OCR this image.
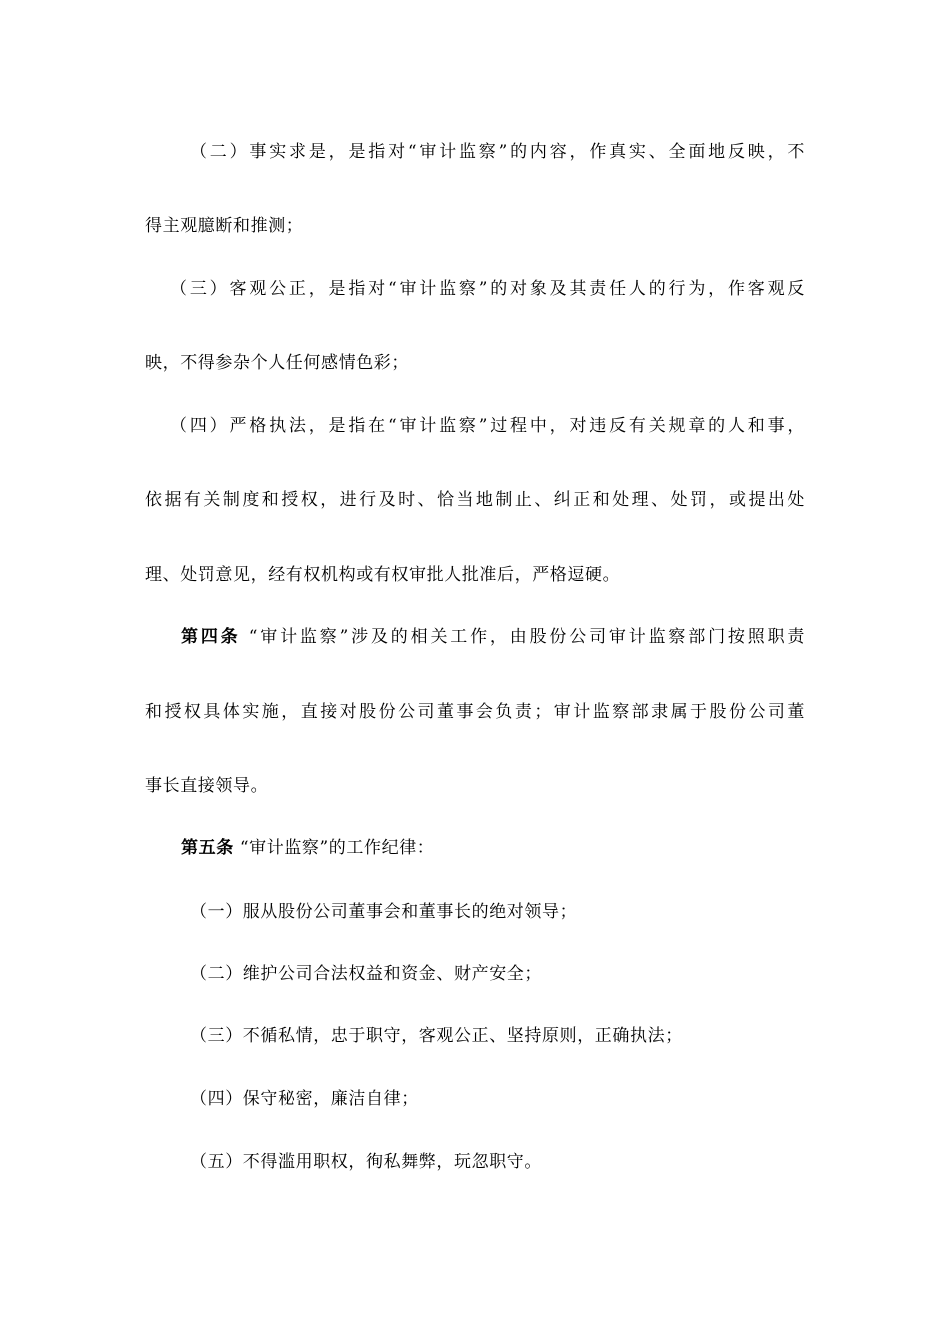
（二）事实求是，是指对“审计监察”的内容，作真实、全面地反映，不
得主观臆断和推测；
（三）客观公正，是指对“审计监察”的对象及其责任人的行为，作客观反
映，不得参杂个人任何感情色彩；
（四）严格执法，是指在“审计监察”过程中，对违反有关规章的人和事，
依据有关制度和授权，进行及时、恰当地制止、纠正和处理、处罚，或提出处
理、处罚意见，经有权机构或有权审批人批准后，严格逗硬。
第四条 “审计监察”涉及的相关工作，由股份公司审计监察部门按照职责
和授权具体实施，直接对股份公司董事会负责；审计监察部隶属于股份公司董
事长直接领导。
第五条 “审计监察”的工作纪律：
（一）服从股份公司董事会和董事长的绝对领导；
（二）维护公司合法权益和资金、财产安全；
（三）不循私情，忠于职守，客观公正、坚持原则，正确执法；
（四）保守秘密，廉洁自律；
（五）不得滥用职权，徇私舞弊，玩忽职守。
